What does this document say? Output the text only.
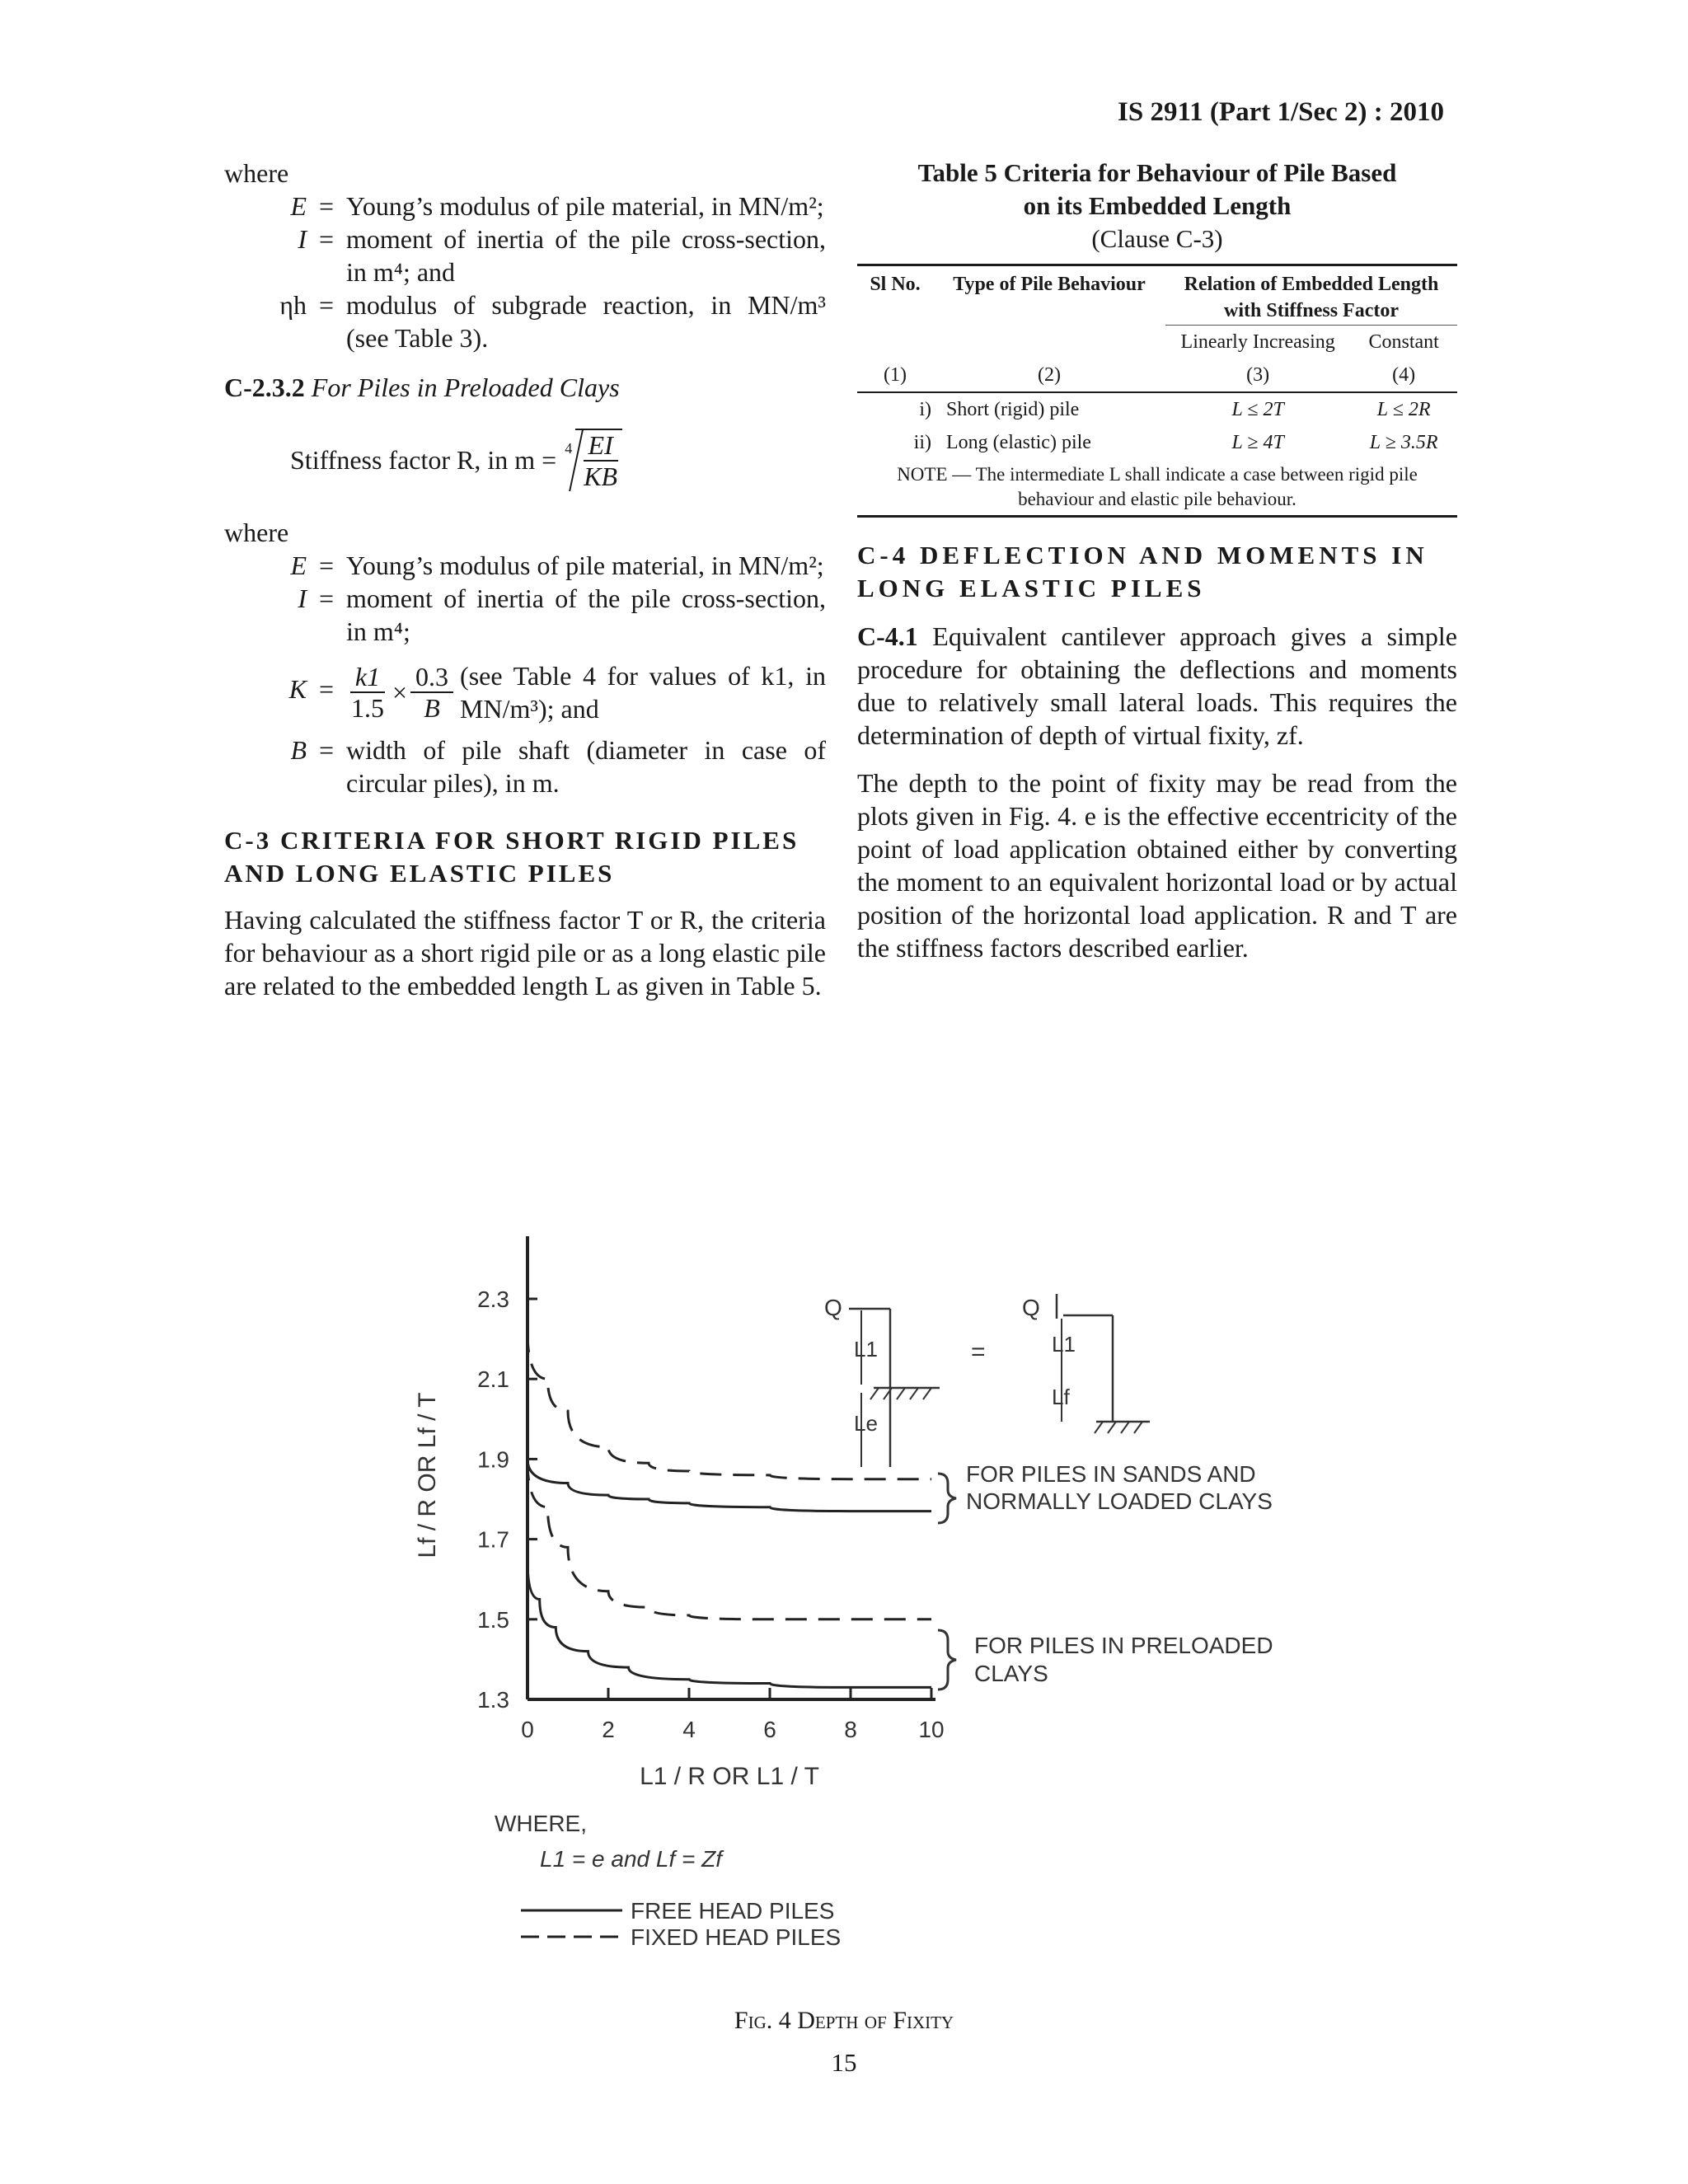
IS 2911 (Part 1/Sec 2) : 2010

where

E = Young’s modulus of pile material, in MN/m²;
I = moment of inertia of the pile cross-section, in m⁴; and
ηh = modulus of subgrade reaction, in MN/m³ (see Table 3).

C-2.3.2 For Piles in Preloaded Clays

Stiffness factor R, in $m = 4 \frac{EI}{KB}$

where

E = Young’s modulus of pile material, in MN/m²;
I = moment of inertia of the pile cross-section, in m⁴;
$K = \frac{k1}{1.5} \times \frac{0.3}{B} (see$ Table 4 for values of k1, in MN/m³); and
B = width of pile shaft (diameter in case of circular piles), in m.

C-3 CRITERIA FOR SHORT RIGID PILES AND LONG ELASTIC PILES

Having calculated the stiffness factor T or R, the criteria for behaviour as a short rigid pile or as a long elastic pile are related to the embedded length L as given in Table 5.

Table 5 Criteria for Behaviour of Pile Based on its Embedded Length

(Clause C-3)

Sl No.	Type of Pile Behaviour	Relation of Embedded Length with Stiffness Factor	
		Linearly Increasing	Constant
(1)	(2)	(3)	(4)
i)	Short (rigid) pile	L ≤ 2T	L ≤ 2R
ii)	Long (elastic) pile	L ≥ 4T	L ≥ 3.5R
NOTE — The intermediate L shall indicate a case between rigid pile behaviour and elastic pile behaviour.			

C-4 DEFLECTION AND MOMENTS IN LONG ELASTIC PILES

C-4.1 Equivalent cantilever approach gives a simple procedure for obtaining the deflections and moments due to relatively small lateral loads. This requires the determination of depth of virtual fixity, zf.

The depth to the point of fixity may be read from the plots given in Fig. 4. e is the effective eccentricity of the point of load application obtained either by converting the moment to an equivalent horizontal load or by actual position of the horizontal load application. R and T are the stiffness factors described earlier.

2.3
2.1
1.9
1.7
1.5
1.3
0	2	4	6	8	10
Lf / R OR Lf / T
L1 / R OR L1 / T
FOR PILES IN SANDS AND
NORMALLY LOADED CLAYS
FOR PILES IN PRELOADED
CLAYS
Q
L1
Le
=
Q
L1
Lf
WHERE,
L1 = e and Lf = Zf
FREE HEAD PILES
FIXED HEAD PILES
Fig. 4 Depth of Fixity
15
